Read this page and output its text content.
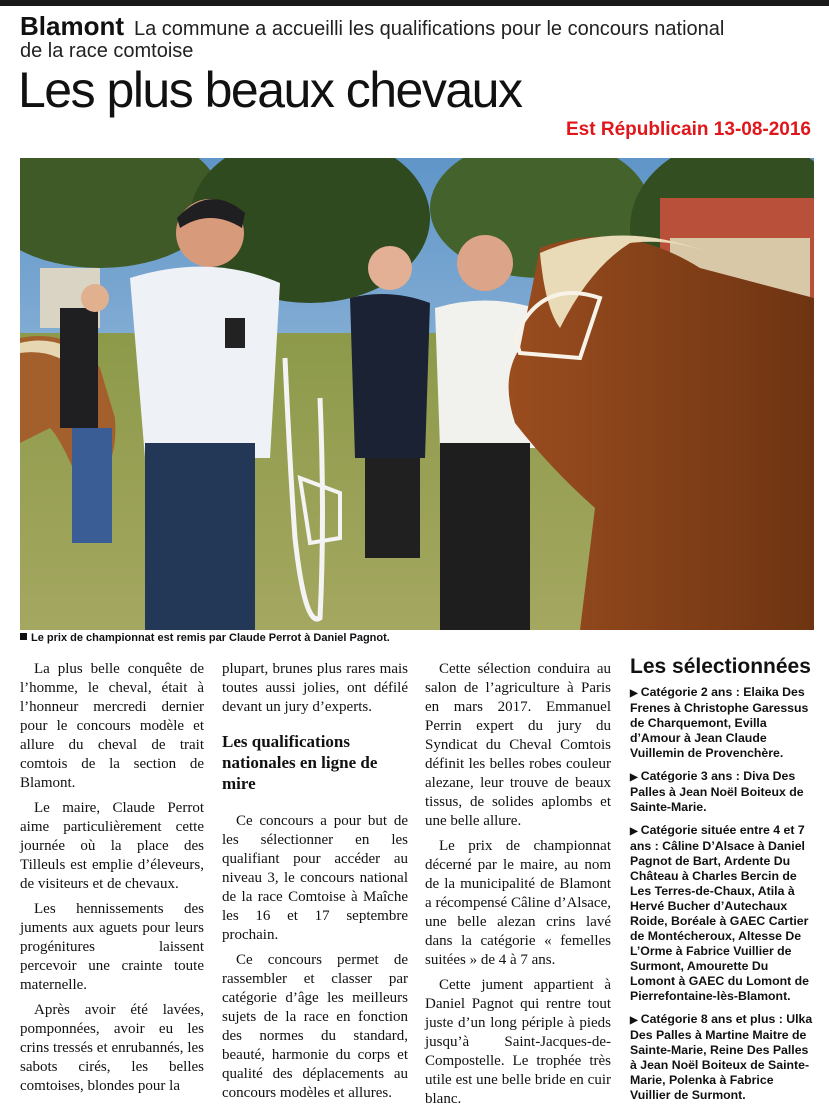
Blamont La commune a accueilli les qualifications pour le concours national de la race comtoise
Les plus beaux chevaux
Est Républicain 13-08-2016
Le prix de championnat est remis par Claude Perrot à Daniel Pagnot.

La plus belle conquête de l’homme, le cheval, était à l’honneur mercredi dernier pour le concours modèle et allure du cheval de trait comtois de la section de Blamont.

Le maire, Claude Perrot aime particulièrement cette journée où la place des Tilleuls est emplie d’éleveurs, de visiteurs et de chevaux.

Les hennissements des juments aux aguets pour leurs progénitures laissent percevoir une crainte toute maternelle.

Après avoir été lavées, pomponnées, avoir eu les crins tressés et enrubannés, les sabots cirés, les belles comtoises, blondes pour la

plupart, brunes plus rares mais toutes aussi jolies, ont défilé devant un jury d’experts.

Les qualifications nationales en ligne de mire

Ce concours a pour but de les sélectionner en les qualifiant pour accéder au niveau 3, le concours national de la race Comtoise à Maîche les 16 et 17 septembre prochain.

Ce concours permet de rassembler et classer par catégorie d’âge les meilleurs sujets de la race en fonction des normes du standard, beauté, harmonie du corps et qualité des déplacements au concours modèles et allures.

Cette sélection conduira au salon de l’agriculture à Paris en mars 2017. Emmanuel Perrin expert du jury du Syndicat du Cheval Comtois définit les belles robes couleur alezane, leur trouve de beaux tissus, de solides aplombs et une belle allure.

Le prix de championnat décerné par le maire, au nom de la municipalité de Blamont a récompensé Câline d’Alsace, une belle alezan crins lavé dans la catégorie « femelles suitées » de 4 à 7 ans.

Cette jument appartient à Daniel Pagnot qui rentre tout juste d’un long périple à pieds jusqu’à Saint-Jacques-de-Compostelle. Le trophée très utile est une belle bride en cuir blanc.

Les sélectionnées
▶ Catégorie 2 ans : Elaika Des Frenes à Christophe Garessus de Charquemont, Evilla d’Amour à Jean Claude Vuillemin de Provenchère.
▶ Catégorie 3 ans : Diva Des Palles à Jean Noël Boiteux de Sainte-Marie.
▶ Catégorie située entre 4 et 7 ans : Câline D’Alsace à Daniel Pagnot de Bart, Ardente Du Château à Charles Bercin de Les Terres-de-Chaux, Atila à Hervé Bucher d’Autechaux Roide, Boréale à GAEC Cartier de Montécheroux, Altesse De L’Orme à Fabrice Vuillier de Surmont, Amourette Du Lomont à GAEC du Lomont de Pierrefontaine-lès-Blamont.
▶ Catégorie 8 ans et plus : Ulka Des Palles à Martine Maitre de Sainte-Marie, Reine Des Palles à Jean Noël Boiteux de Sainte-Marie, Polenka à Fabrice Vuillier de Surmont.
